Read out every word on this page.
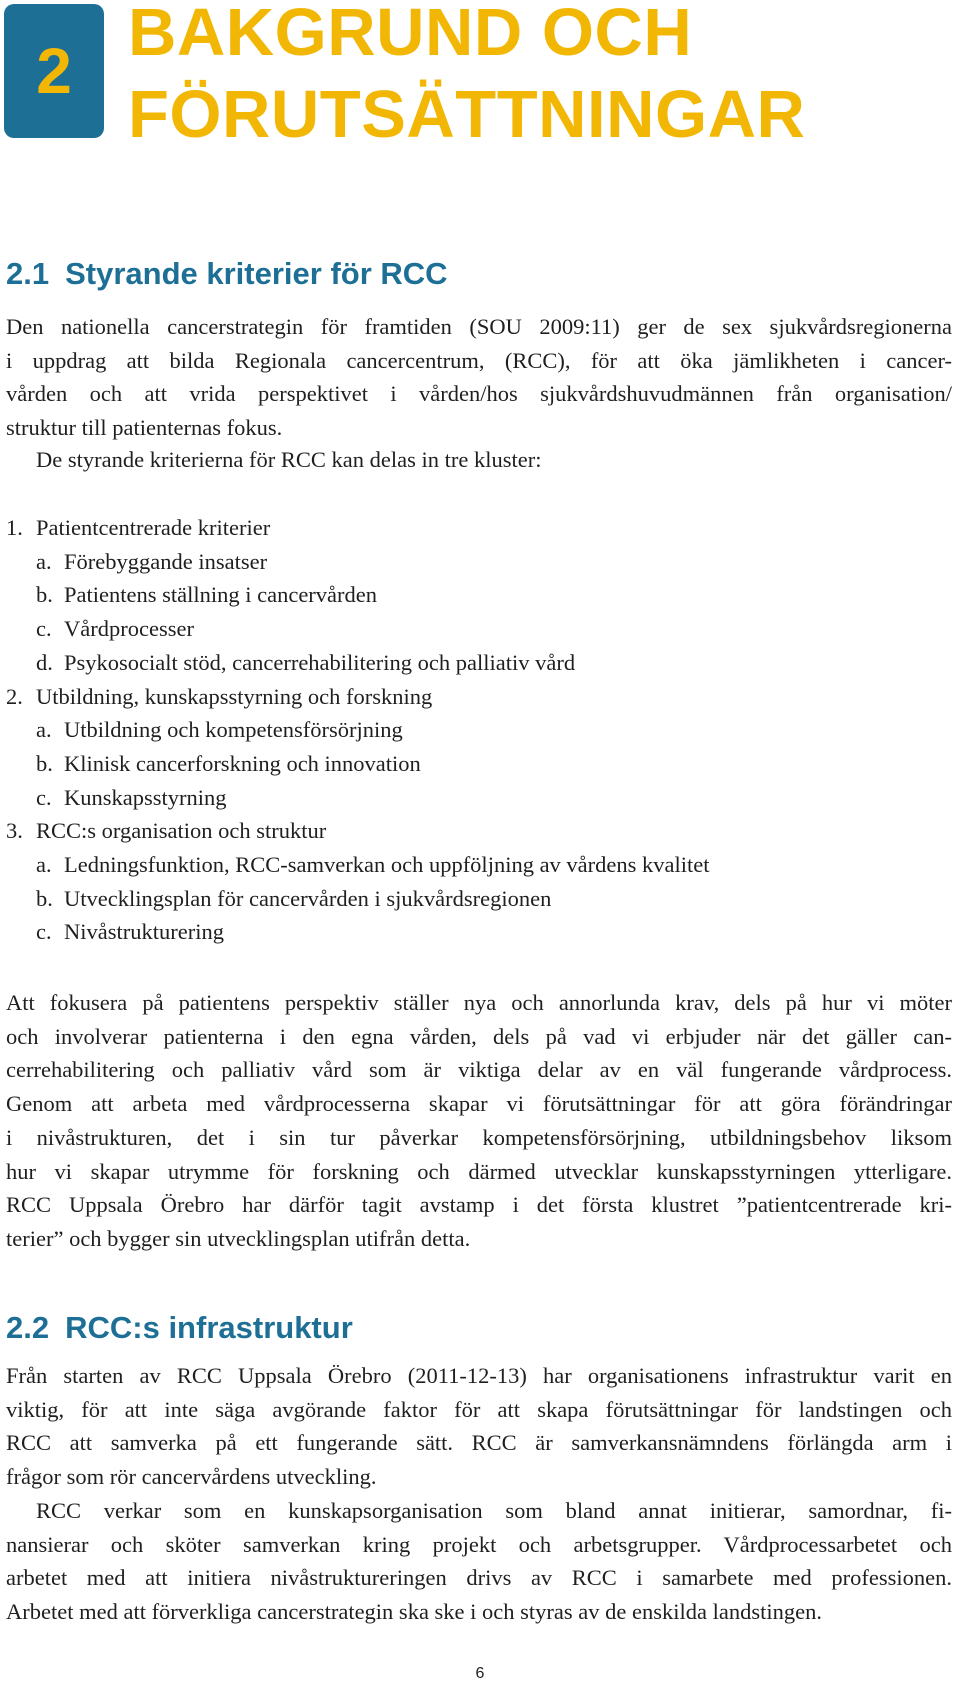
2
BAKGRUND OCH
FÖRUTSÄTTNINGAR
2.1 Styrande kriterier för RCC
Den nationella cancerstrategin för framtiden (SOU 2009:11) ger de sex sjukvårdsregionerna
i uppdrag att bilda Regionala cancercentrum, (RCC), för att öka jämlikheten i cancer-
vården och att vrida perspektivet i vården/hos sjukvårdshuvudmännen från organisation/
struktur till patienternas fokus.
De styrande kriterierna för RCC kan delas in tre kluster:
1. Patientcentrerade kriterier
a. Förebyggande insatser
b. Patientens ställning i cancervården
c. Vårdprocesser
d. Psykosocialt stöd, cancerrehabilitering och palliativ vård
2. Utbildning, kunskapsstyrning och forskning
a. Utbildning och kompetensförsörjning
b. Klinisk cancerforskning och innovation
c. Kunskapsstyrning
3. RCC:s organisation och struktur
a. Ledningsfunktion, RCC-samverkan och uppföljning av vårdens kvalitet
b. Utvecklingsplan för cancervården i sjukvårdsregionen
c. Nivåstrukturering
Att fokusera på patientens perspektiv ställer nya och annorlunda krav, dels på hur vi möter
och involverar patienterna i den egna vården, dels på vad vi erbjuder när det gäller can-
cerrehabilitering och palliativ vård som är viktiga delar av en väl fungerande vårdprocess.
Genom att arbeta med vårdprocesserna skapar vi förutsättningar för att göra förändringar
i nivåstrukturen, det i sin tur påverkar kompetensförsörjning, utbildningsbehov liksom
hur vi skapar utrymme för forskning och därmed utvecklar kunskapsstyrningen ytterligare.
RCC Uppsala Örebro har därför tagit avstamp i det första klustret ”patientcentrerade kri-
terier” och bygger sin utvecklingsplan utifrån detta.
2.2 RCC:s infrastruktur
Från starten av RCC Uppsala Örebro (2011-12-13) har organisationens infrastruktur varit en
viktig, för att inte säga avgörande faktor för att skapa förutsättningar för landstingen och
RCC att samverka på ett fungerande sätt. RCC är samverkansnämndens förlängda arm i
frågor som rör cancervårdens utveckling.
RCC verkar som en kunskapsorganisation som bland annat initierar, samordnar, fi-
nansierar och sköter samverkan kring projekt och arbetsgrupper. Vårdprocessarbetet och
arbetet med att initiera nivåstruktureringen drivs av RCC i samarbete med professionen.
Arbetet med att förverkliga cancerstrategin ska ske i och styras av de enskilda landstingen.
6
